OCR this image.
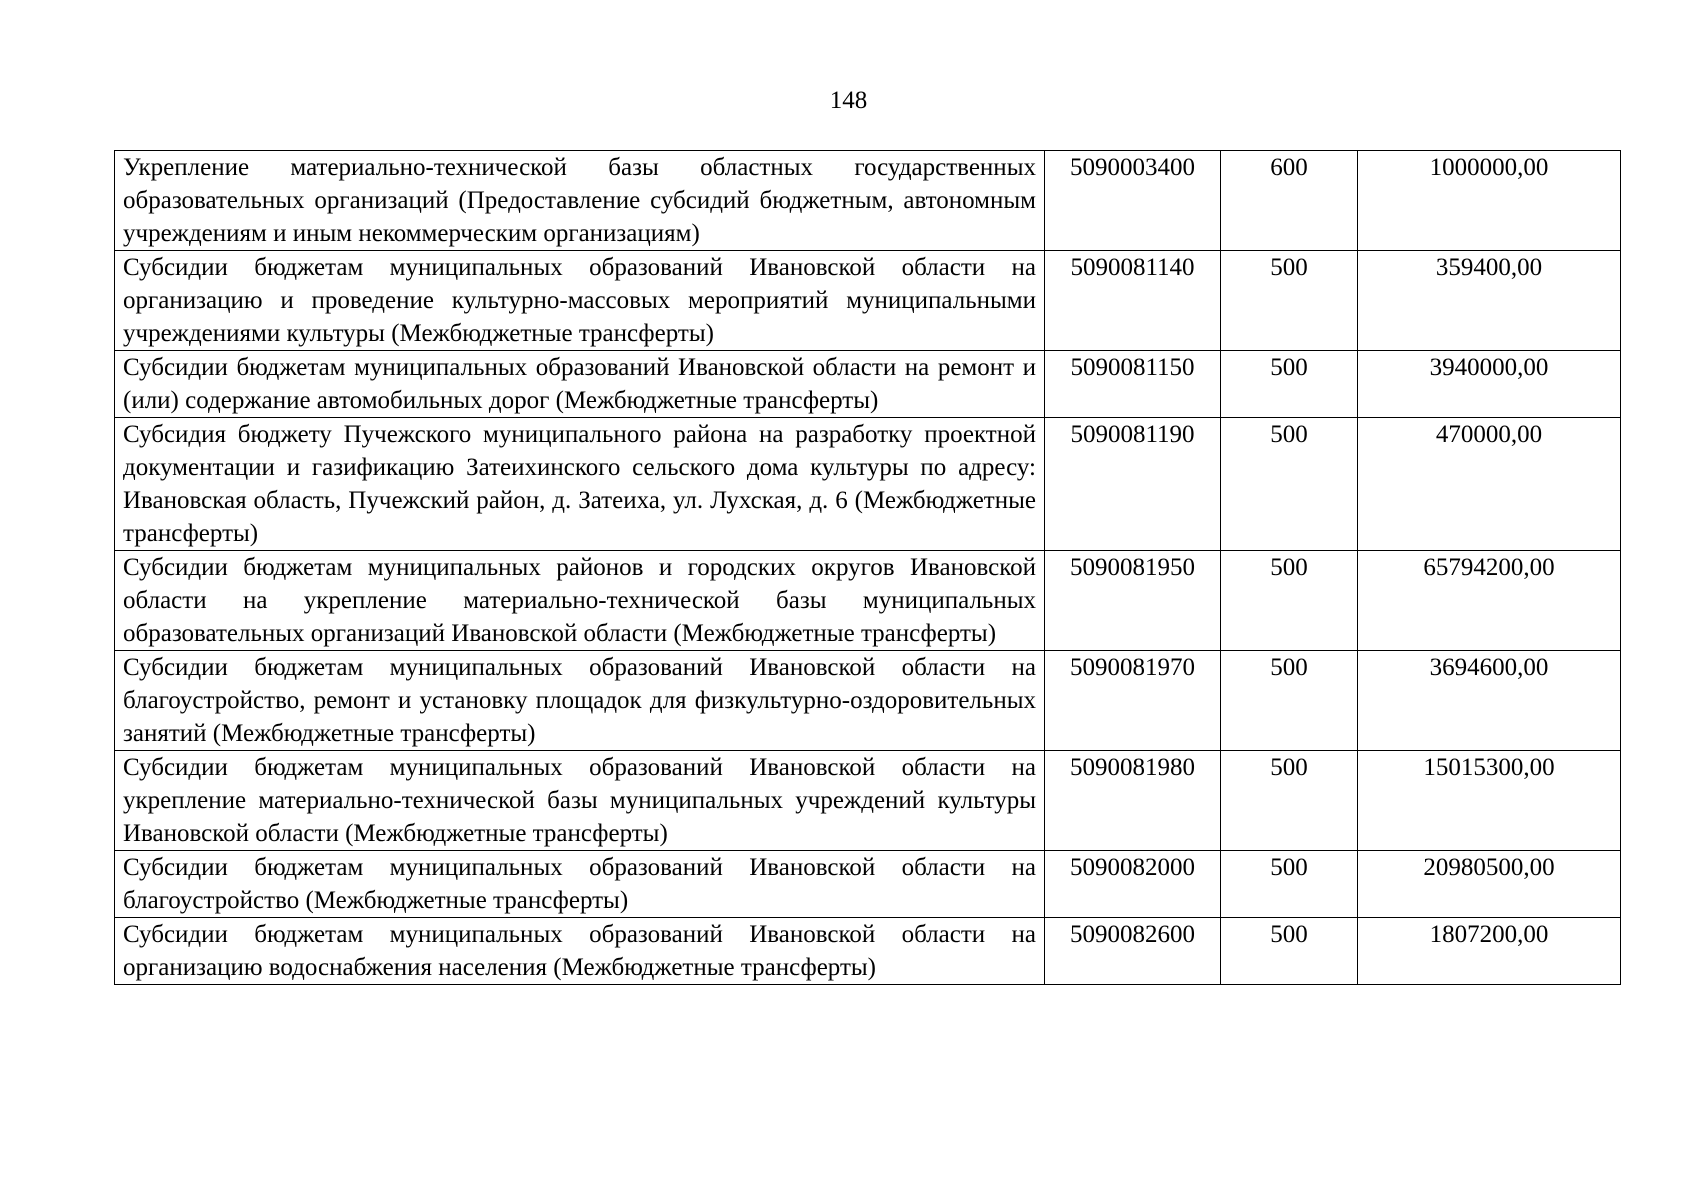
148
Укрепление материально-технической базы областных государственных образовательных организаций (Предоставление субсидий бюджетным, автономным учреждениям и иным некоммерческим организациям)	5090003400	600	1000000,00
Субсидии бюджетам муниципальных образований Ивановской области на организацию и проведение культурно-массовых мероприятий муниципальными учреждениями культуры (Межбюджетные трансферты)	5090081140	500	359400,00
Субсидии бюджетам муниципальных образований Ивановской области на ремонт и (или) содержание автомобильных дорог (Межбюджетные трансферты)	5090081150	500	3940000,00
Субсидия бюджету Пучежского муниципального района на разработку проектной документации и газификацию Затеихинского сельского дома культуры по адресу: Ивановская область, Пучежский район, д. Затеиха, ул. Лухская, д. 6 (Межбюджетные трансферты)	5090081190	500	470000,00
Субсидии бюджетам муниципальных районов и городских округов Ивановской области на укрепление материально-технической базы муниципальных образовательных организаций Ивановской области (Межбюджетные трансферты)	5090081950	500	65794200,00
Субсидии бюджетам муниципальных образований Ивановской области на благоустройство, ремонт и установку площадок для физкультурно-оздоровительных занятий (Межбюджетные трансферты)	5090081970	500	3694600,00
Субсидии бюджетам муниципальных образований Ивановской области на укрепление материально-технической базы муниципальных учреждений культуры Ивановской области (Межбюджетные трансферты)	5090081980	500	15015300,00
Субсидии бюджетам муниципальных образований Ивановской области на благоустройство (Межбюджетные трансферты)	5090082000	500	20980500,00
Субсидии бюджетам муниципальных образований Ивановской области на организацию водоснабжения населения (Межбюджетные трансферты)	5090082600	500	1807200,00
